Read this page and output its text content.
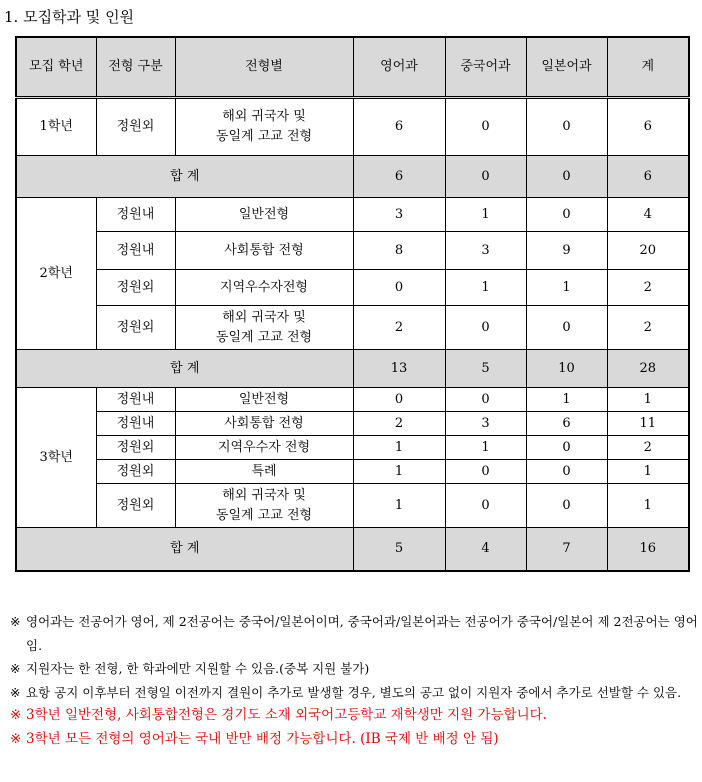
1. 모집학과 및 인원
모집 학년	전형 구분	전형별	영어과	중국어과	일본어과	계
1학년	정원외	해외 귀국자 및
동일계 고교 전형	6	0	0	6
합 계			6	0	0	6
2학년	정원내	일반전형	3	1	0	4
	정원내	사회통합 전형	8	3	9	20
	정원외	지역우수자전형	0	1	1	2
	정원외	해외 귀국자 및
동일계 고교 전형	2	0	0	2
합 계			13	5	10	28
3학년	정원내	일반전형	0	0	1	1
	정원내	사회통합 전형	2	3	6	11
	정원외	지역우수자 전형	1	1	0	2
	정원외	특례	1	0	0	1
	정원외	해외 귀국자 및
동일계 고교 전형	1	0	0	1
합 계			5	4	7	16
※ 영어과는 전공어가 영어, 제 2전공어는 중국어/일본어이며, 중국어과/일본어과는 전공어가 중국어/일본어 제 2전공어는 영어임.
※ 지원자는 한 전형, 한 학과에만 지원할 수 있음.(중복 지원 불가)
※ 요항 공지 이후부터 전형일 이전까지 결원이 추가로 발생할 경우, 별도의 공고 없이 지원자 중에서 추가로 선발할 수 있음.
※ 3학년 일반전형, 사회통합전형은 경기도 소재 외국어고등학교 재학생만 지원 가능합니다.
※ 3학년 모든 전형의 영어과는 국내 반만 배정 가능합니다. (IB 국제 반 배정 안 됨)
